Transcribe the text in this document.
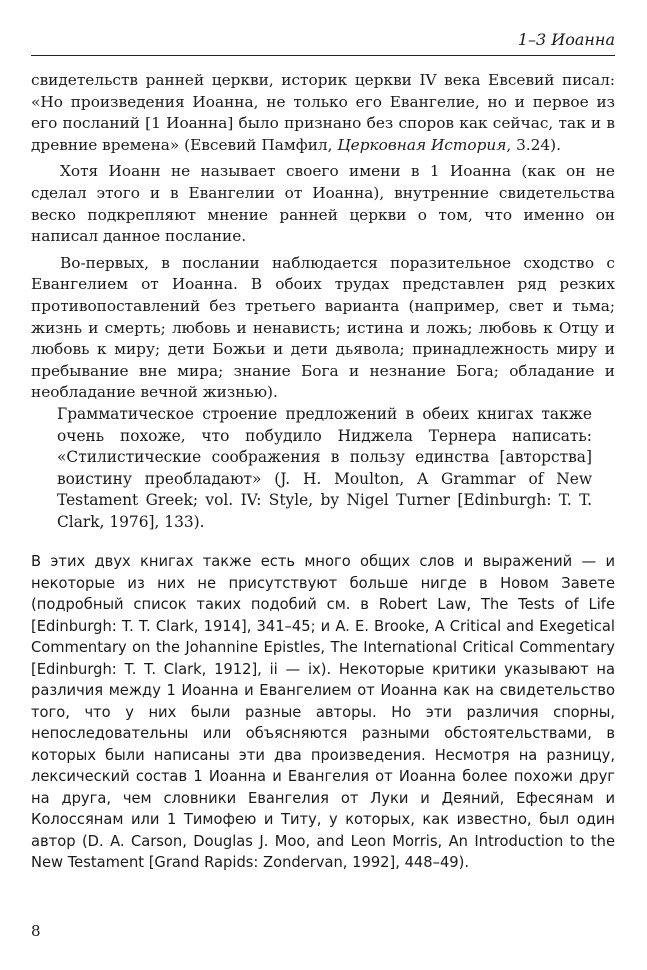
1–3 Иоанна

свидетельств ранней церкви, историк церкви IV века Евсевий писал: «Но произведения Иоанна, не только его Евангелие, но и первое из его посланий [1 Иоанна] было признано без споров как сейчас, так и в древние времена» (Евсевий Памфил, Церковная История, 3.24).

Хотя Иоанн не называет своего имени в 1 Иоанна (как он не сделал этого и в Евангелии от Иоанна), внутренние свидетельства веско подкрепляют мнение ранней церкви о том, что именно он написал данное послание.

Во-первых, в послании наблюдается поразительное сходство с Евангелием от Иоанна. В обоих трудах представлен ряд резких противопоставлений без третьего варианта (например, свет и тьма; жизнь и смерть; любовь и ненависть; истина и ложь; любовь к Отцу и любовь к миру; дети Божьи и дети дьявола; принадлежность миру и пребывание вне мира; знание Бога и незнание Бога; обладание и необладание вечной жизнью).

Грамматическое строение предложений в обеих книгах также очень похоже, что побудило Ниджела Тернера написать: «Стилистические соображения в пользу единства [авторства] воистину преобладают» (J. H. Moulton, A Grammar of New Testament Greek; vol. IV: Style, by Nigel Turner [Edinburgh: T. T. Clark, 1976], 133).

В этих двух книгах также есть много общих слов и выражений — и некоторые из них не присутствуют больше нигде в Новом Завете (подробный список таких подобий см. в Robert Law, The Tests of Life [Edinburgh: T. T. Clark, 1914], 341–45; и A. E. Brooke, A Critical and Exegetical Commentary on the Johannine Epistles, The International Critical Commentary [Edinburgh: T. T. Clark, 1912], ii — ix). Некоторые критики указывают на различия между 1 Иоанна и Евангелием от Иоанна как на свидетельство того, что у них были разные авторы. Но эти различия спорны, непоследовательны или объясняются разными обстоятельствами, в которых были написаны эти два произведения. Несмотря на разницу, лексический состав 1 Иоанна и Евангелия от Иоанна более похожи друг на друга, чем словники Евангелия от Луки и Деяний, Ефесянам и Колоссянам или 1 Тимофею и Титу, у которых, как известно, был один автор (D. A. Carson, Douglas J. Moo, and Leon Morris, An Introduction to the New Testament [Grand Rapids: Zondervan, 1992], 448–49).

8
